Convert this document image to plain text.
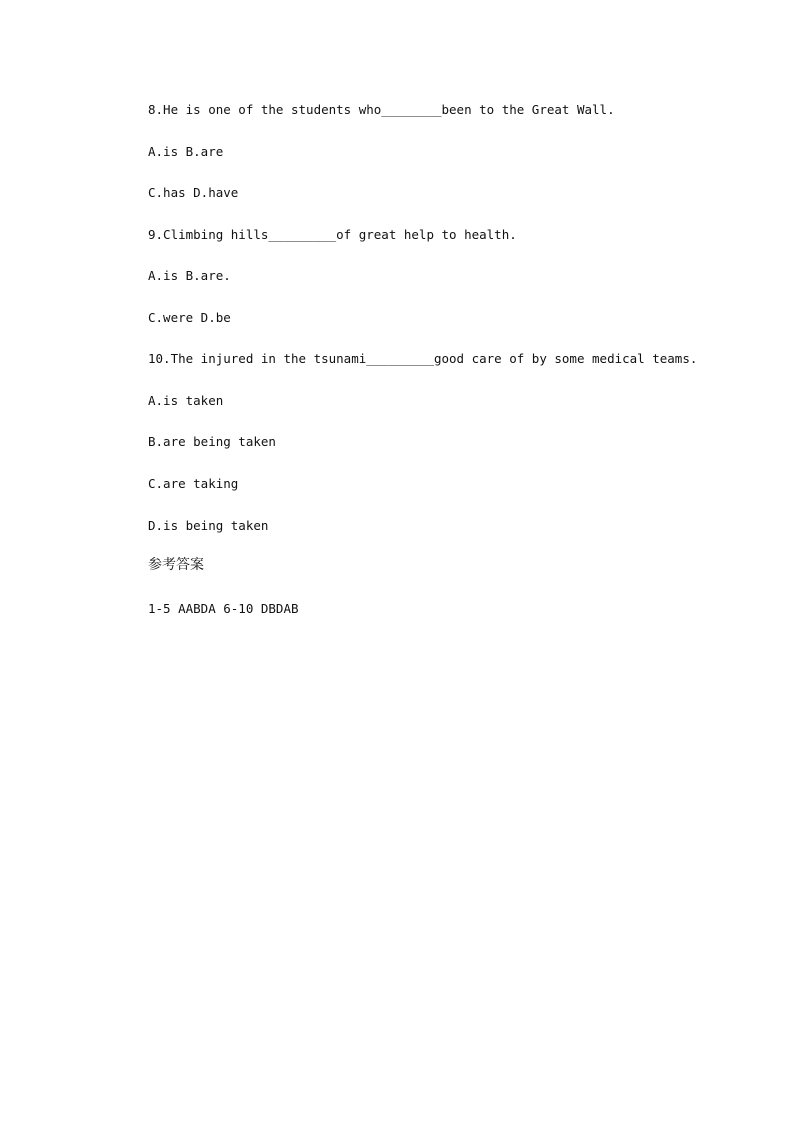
8.He is one of the students who________been to the Great Wall.
A.is B.are
C.has D.have
9.Climbing hills_________of great help to health.
A.is B.are.
C.were D.be
10.The injured in the tsunami_________good care of by some medical teams.
A.is taken
B.are being taken
C.are taking
D.is being taken
参考答案
1-5 AABDA 6-10 DBDAB
